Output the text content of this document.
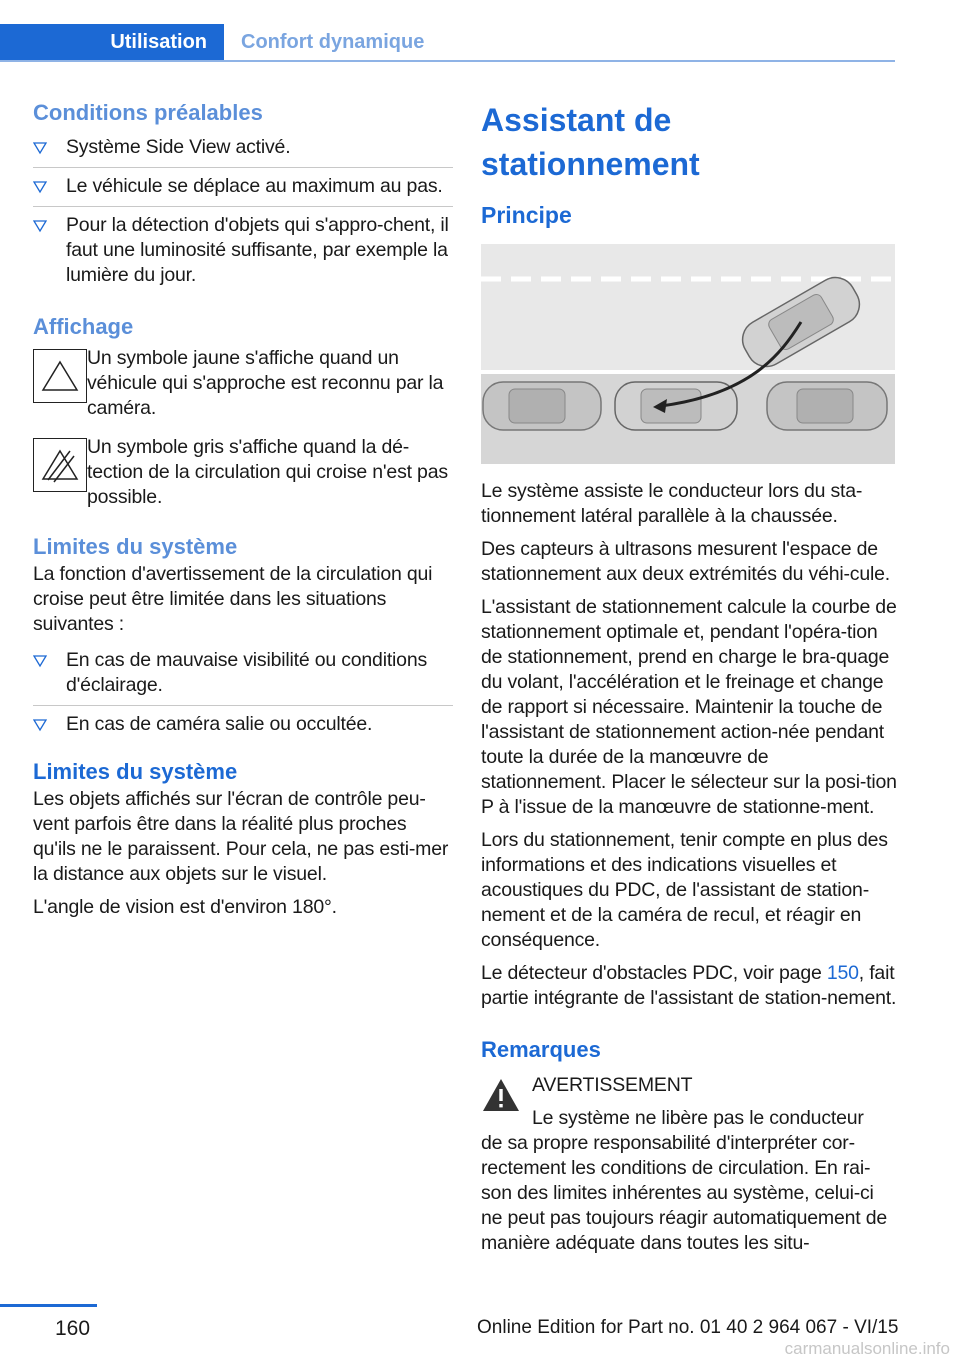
Utilisation	Confort dynamique
Conditions préalables
Système Side View activé.
Le véhicule se déplace au maximum au pas.
Pour la détection d'objets qui s'appro-chent, il faut une luminosité suffisante, par exemple la lumière du jour.
Affichage

Un symbole jaune s'affiche quand un véhicule qui s'approche est reconnu par la caméra.

Un symbole gris s'affiche quand la dé-tection de la circulation qui croise n'est pas possible.

Limites du système

La fonction d'avertissement de la circulation qui croise peut être limitée dans les situations suivantes :

En cas de mauvaise visibilité ou conditions d'éclairage.
En cas de caméra salie ou occultée.
Limites du système

Les objets affichés sur l'écran de contrôle peu-vent parfois être dans la réalité plus proches qu'ils ne le paraissent. Pour cela, ne pas esti-mer la distance aux objets sur le visuel.

L'angle de vision est d'environ 180°.

Assistant de stationnement
Principe

Le système assiste le conducteur lors du sta-tionnement latéral parallèle à la chaussée.

Des capteurs à ultrasons mesurent l'espace de stationnement aux deux extrémités du véhi-cule.

L'assistant de stationnement calcule la courbe de stationnement optimale et, pendant l'opéra-tion de stationnement, prend en charge le bra-quage du volant, l'accélération et le freinage et change de rapport si nécessaire. Maintenir la touche de l'assistant de stationnement action-née pendant toute la durée de la manœuvre de stationnement. Placer le sélecteur sur la posi-tion P à l'issue de la manœuvre de stationne-ment.

Lors du stationnement, tenir compte en plus des informations et des indications visuelles et acoustiques du PDC, de l'assistant de station-nement et de la caméra de recul, et réagir en conséquence.

Le détecteur d'obstacles PDC, voir page 150, fait partie intégrante de l'assistant de station-nement.

Remarques

AVERTISSEMENT

Le système ne libère pas le conducteur

de sa propre responsabilité d'interpréter cor-rectement les conditions de circulation. En rai-son des limites inhérentes au système, celui-ci ne peut pas toujours réagir automatiquement de manière adéquate dans toutes les situ-

160	Online Edition for Part no. 01 40 2 964 067 - VI/15
carmanualsonline.info
